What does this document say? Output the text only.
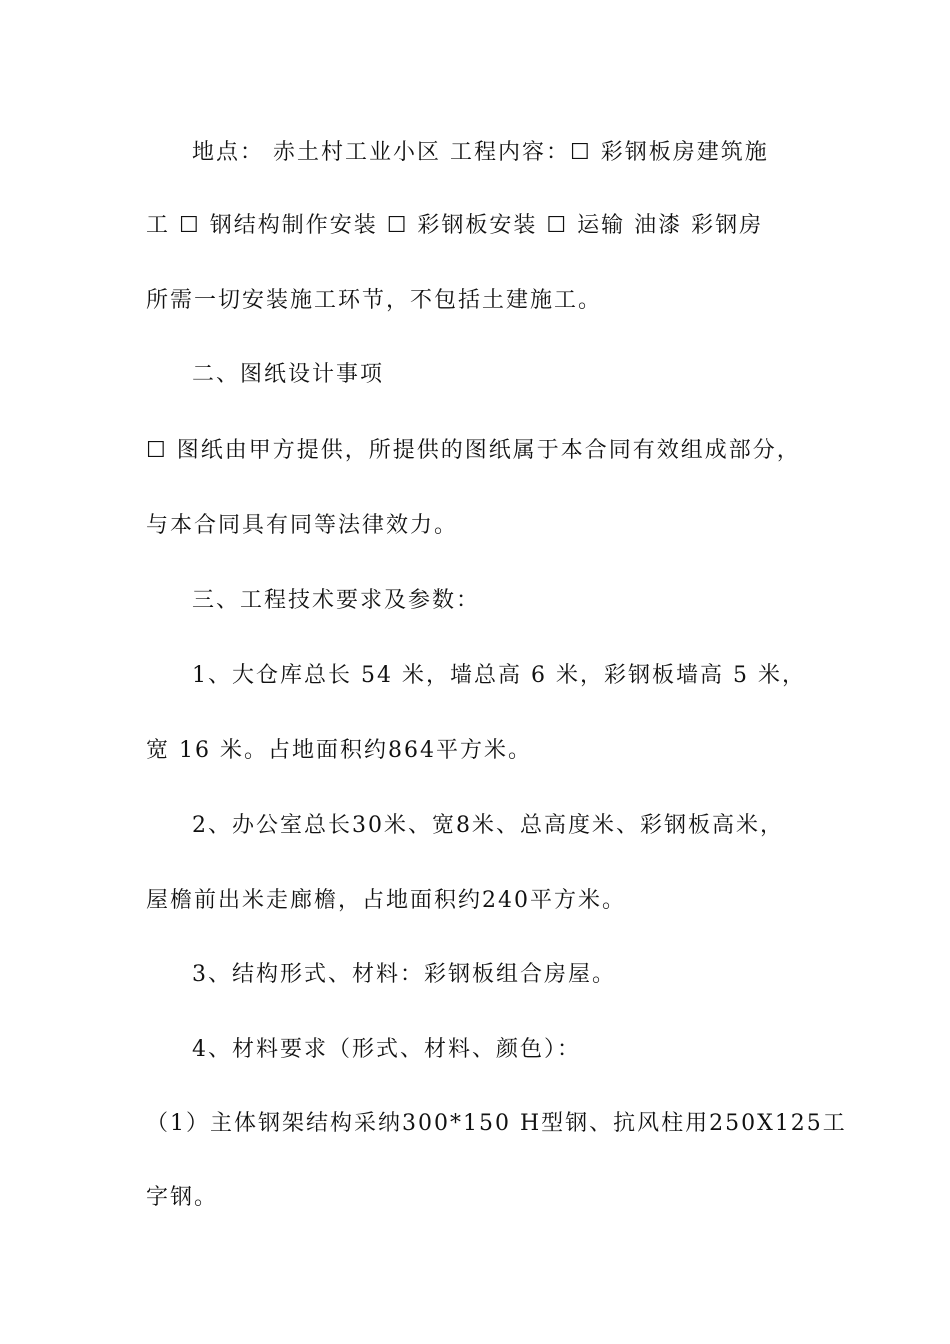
地点： 赤土村工业小区 工程内容：☐ 彩钢板房建筑施
工 ☐ 钢结构制作安装 ☐ 彩钢板安装 ☐ 运输 油漆 彩钢房
所需一切安装施工环节，不包括土建施工。
二、图纸设计事项
☐ 图纸由甲方提供，所提供的图纸属于本合同有效组成部分，
与本合同具有同等法律效力。
三、工程技术要求及参数：
1、大仓库总长 54 米，墙总高 6 米，彩钢板墙高 5 米，
宽 16 米。占地面积约864平方米。
2、办公室总长30米、宽8米、总高度米、彩钢板高米，
屋檐前出米走廊檐，占地面积约240平方米。
3、结构形式、材料：彩钢板组合房屋。
4、材料要求（形式、材料、颜色）：
（1）主体钢架结构采纳300*150 H型钢、抗风柱用250X125工
字钢。
